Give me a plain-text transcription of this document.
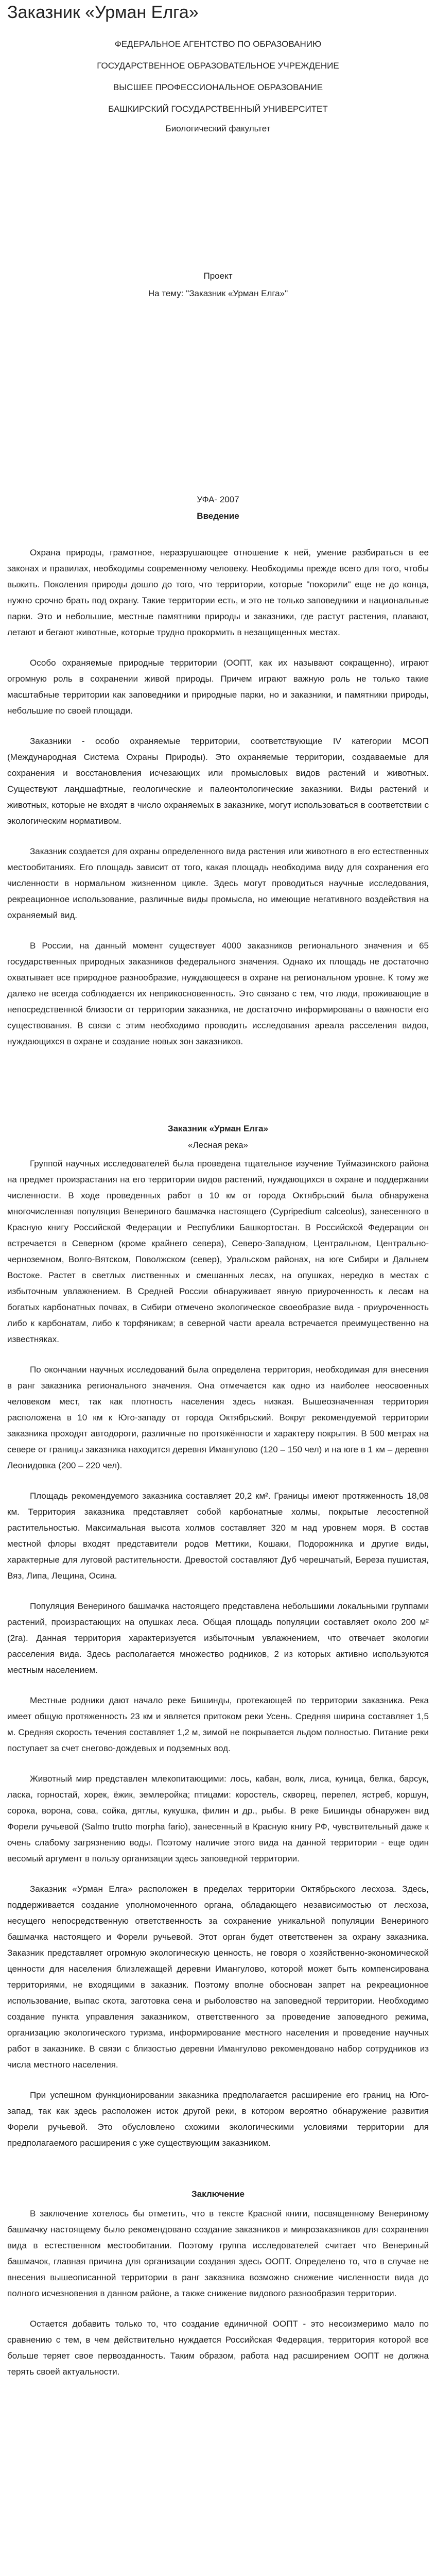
Заказник «Урман Елга»

ФЕДЕРАЛЬНОЕ АГЕНТСТВО ПО ОБРАЗОВАНИЮ

ГОСУДАРСТВЕННОЕ ОБРАЗОВАТЕЛЬНОЕ УЧРЕЖДЕНИЕ

ВЫСШЕЕ ПРОФЕССИОНАЛЬНОЕ ОБРАЗОВАНИЕ

БАШКИРСКИЙ ГОСУДАРСТВЕННЫЙ УНИВЕРСИТЕТ

Биологический факультет

Проект

На тему: "Заказник «Урман Елга»"

УФА- 2007

Введение

Охрана природы, грамотное, неразрушающее отношение к ней, умение разбираться в ее законах и правилах, необходимы современному человеку. Необходимы прежде всего для того, чтобы выжить. Поколения природы дошло до того, что территории, которые "покорили" еще не до конца, нужно срочно брать под охрану. Такие территории есть, и это не только заповедники и национальные парки. Это и небольшие, местные памятники природы и заказники, где растут растения, плавают, летают и бегают животные, которые трудно прокормить в незащищенных местах.

Особо охраняемые природные территории (ООПТ, как их называют сокращенно), играют огромную роль в сохранении живой природы. Причем играют важную роль не только такие масштабные территории как заповедники и природные парки, но и заказники, и памятники природы, небольшие по своей площади.

Заказники - особо охраняемые территории, соответствующие IV категории МСОП (Международная Система Охраны Природы). Это охраняемые территории, создаваемые для сохранения и восстановления исчезающих или промысловых видов растений и животных. Существуют ландшафтные, геологические и палеонтологические заказники. Виды растений и животных, которые не входят в число охраняемых в заказнике, могут использоваться в соответствии с экологическим нормативом.

Заказник создается для охраны определенного вида растения или животного в его естественных местообитаниях. Его площадь зависит от того, какая площадь необходима виду для сохранения его численности в нормальном жизненном цикле. Здесь могут проводиться научные исследования, рекреационное использование, различные виды промысла, но имеющие негативного воздействия на охраняемый вид.

В России, на данный момент существует 4000 заказников регионального значения и 65 государственных природных заказников федерального значения. Однако их площадь не достаточно охватывает все природное разнообразие, нуждающееся в охране на региональном уровне. К тому же далеко не всегда соблюдается их неприкосновенность. Это связано с тем, что люди, проживающие в непосредственной близости от территории заказника, не достаточно информированы о важности его существования. В связи с этим необходимо проводить исследования ареала расселения видов, нуждающихся в охране и создание новых зон заказников.

Заказник «Урман Елга»
«Лесная река»

Группой научных исследователей была проведена тщательное изучение Туймазинского района на предмет произрастания на его территории видов растений, нуждающихся в охране и поддержании численности. В ходе проведенных работ в 10 км от города Октябрьский была обнаружена многочисленная популяция Венериного башмачка настоящего (Cypripedium calceolus), занесенного в Красную книгу Российской Федерации и Республики Башкортостан. В Российской Федерации он встречается в Северном (кроме крайнего севера), Северо-Западном, Центральном, Центрально-черноземном, Волго-Вятском, Поволжском (север), Уральском районах, на юге Сибири и Дальнем Востоке. Растет в светлых лиственных и смешанных лесах, на опушках, нередко в местах с избыточным увлажнением. В Средней России обнаруживает явную приуроченность к лесам на богатых карбонатных почвах, в Сибири отмечено экологическое своеобразие вида - приуроченность либо к карбонатам, либо к торфяникам; в северной части ареала встречается преимущественно на известняках.

По окончании научных исследований была определена территория, необходимая для внесения в ранг заказника регионального значения. Она отмечается как одно из наиболее неосвоенных человеком мест, так как плотность населения здесь низкая. Вышеозначенная территория расположена в 10 км к Юго-западу от города Октябрьский. Вокруг рекомендуемой территории заказника проходят автодороги, различные по протяжённости и характеру покрытия. В 500 метрах на севере от границы заказника находится деревня Имангулово (120 – 150 чел) и на юге в 1 км – деревня Леонидовка (200 – 220 чел).

Площадь рекомендуемого заказника составляет 20,2 км². Границы имеют протяженность 18,08 км. Территория заказника представляет собой карбонатные холмы, покрытые лесостепной растительностью. Максимальная высота холмов составляет 320 м над уровнем моря. В состав местной флоры входят представители родов Меттики, Кошаки, Подорожника и другие виды, характерные для луговой растительности. Древостой составляют Дуб черешчатый, Береза пушистая, Вяз, Липа, Лещина, Осина.

Популяция Венериного башмачка настоящего представлена небольшими локальными группами растений, произрастающих на опушках леса. Общая площадь популяции составляет около 200 м² (2га). Данная территория характеризуется избыточным увлажнением, что отвечает экологии расселения вида. Здесь располагается множество родников, 2 из которых активно используются местным населением.

Местные родники дают начало реке Бишинды, протекающей по территории заказника. Река имеет общую протяженность 23 км и является притоком реки Усень. Средняя ширина составляет 1,5 м. Средняя скорость течения составляет 1,2 м, зимой не покрывается льдом полностью. Питание реки поступает за счет снегово-дождевых и подземных вод.

Животный мир представлен млекопитающими: лось, кабан, волк, лиса, куница, белка, барсук, ласка, горностай, хорек, ёжик, землеройка; птицами: коростель, скворец, перепел, ястреб, коршун, сорока, ворона, сова, сойка, дятлы, кукушка, филин и др., рыбы. В реке Бишинды обнаружен вид Форели ручьевой (Salmo trutto morpha fario), занесенный в Красную книгу РФ, чувствительный даже к очень слабому загрязнению воды. Поэтому наличие этого вида на данной территории - еще один весомый аргумент в пользу организации здесь заповедной территории.

Заказник «Урман Елга» расположен в пределах территории Октябрьского лесхоза. Здесь, поддерживается создание уполномоченного органа, обладающего независимостью от лесхоза, несущего непосредственную ответственность за сохранение уникальной популяции Венериного башмачка настоящего и Форели ручьевой. Этот орган будет ответственен за охрану заказника. Заказник представляет огромную экологическую ценность, не говоря о хозяйственно-экономической ценности для населения близлежащей деревни Имангулово, которой может быть компенсирована территориями, не входящими в заказник. Поэтому вполне обоснован запрет на рекреационное использование, выпас скота, заготовка сена и рыболовство на заповедной территории. Необходимо создание пункта управления заказником, ответственного за проведение заповедного режима, организацию экологического туризма, информирование местного населения и проведение научных работ в заказнике. В связи с близостью деревни Имангулово рекомендовано набор сотрудников из числа местного населения.

При успешном функционировании заказника предполагается расширение его границ на Юго-запад, так как здесь расположен исток другой реки, в котором вероятно обнаружение развития Форели ручьевой. Это обусловлено схожими экологическими условиями территории для предполагаемого расширения с уже существующим заказником.

Заключение

В заключение хотелось бы отметить, что в тексте Красной книги, посвященному Венериному башмачку настоящему было рекомендовано создание заказников и микрозаказников для сохранения вида в естественном местообитании. Поэтому группа исследователей считает что Венериный башмачок, главная причина для организации создания здесь ООПТ. Определено то, что в случае не внесения вышеописанной территории в ранг заказника возможно снижение численности вида до полного исчезновения в данном районе, а также снижение видового разнообразия территории.

Остается добавить только то, что создание единичной ООПТ - это несоизмеримо мало по сравнению с тем, в чем действительно нуждается Российская Федерация, территория которой все больше теряет свое первозданность. Таким образом, работа над расширением ООПТ не должна терять своей актуальности.
